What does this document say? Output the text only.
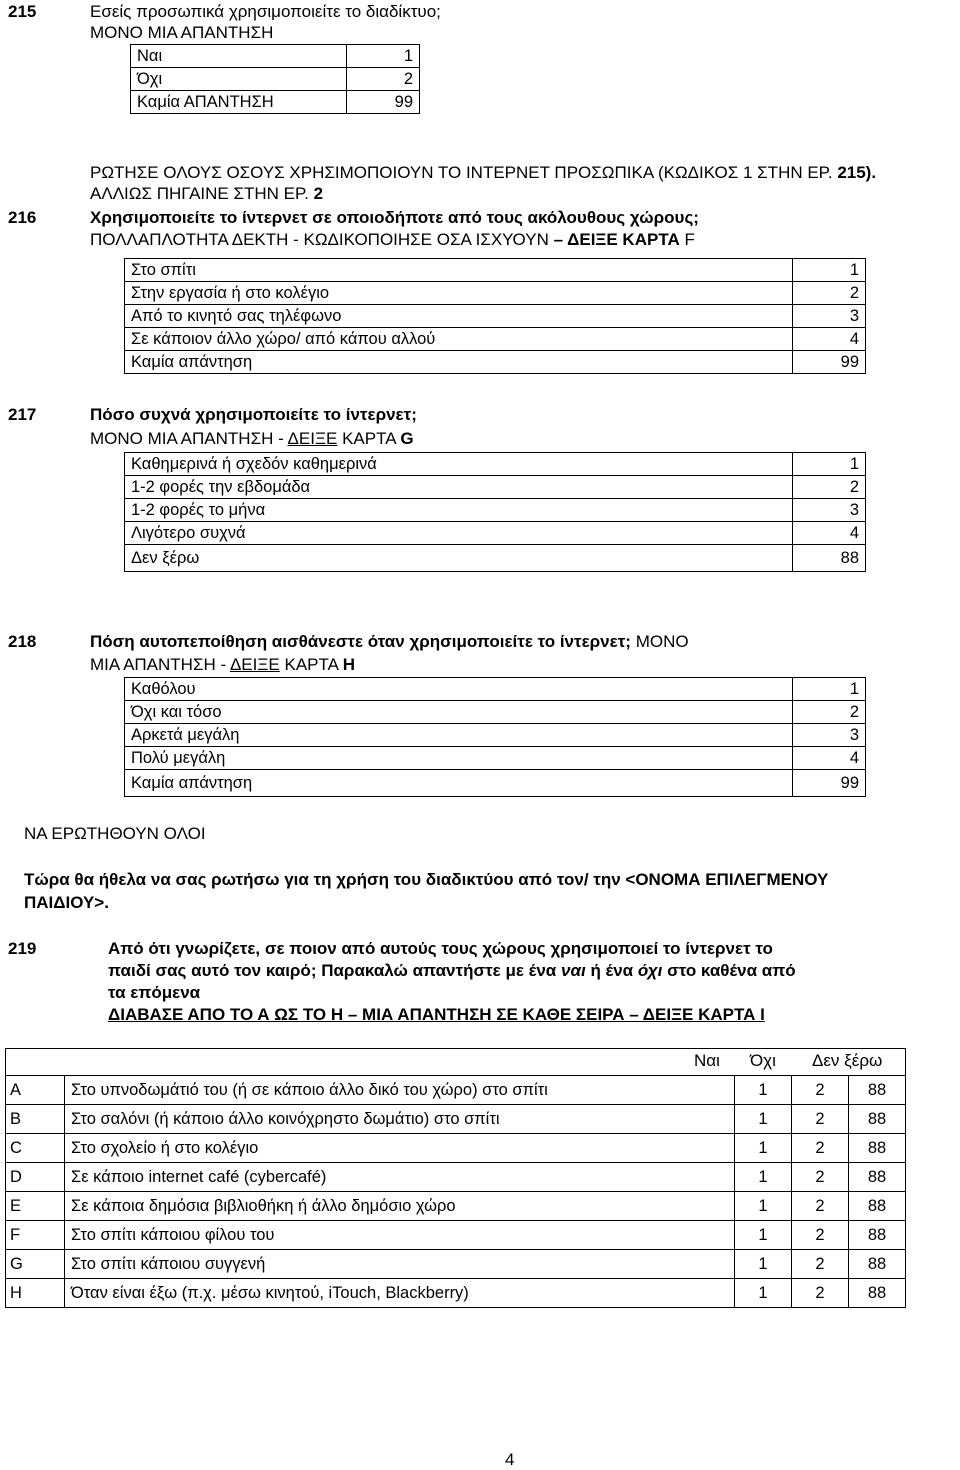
215	Εσείς προσωπικά χρησιμοποιείτε το διαδίκτυο;
ΜΟΝΟ ΜΙΑ ΑΠΑΝΤΗΣΗ
Ναι	1
Όχι	2
Καμία ΑΠΑΝΤΗΣΗ	99
ΡΩΤΗΣΕ ΟΛΟΥΣ ΟΣΟΥΣ ΧΡΗΣΙΜΟΠΟΙΟΥΝ ΤΟ ΙΝΤΕΡΝΕΤ ΠΡΟΣΩΠΙΚΑ (ΚΩΔΙΚΟΣ 1 ΣΤΗΝ ΕΡ. 215).
ΑΛΛΙΩΣ ΠΗΓΑΙΝΕ ΣΤΗΝ ΕΡ. 2
216	Χρησιμοποιείτε το ίντερνετ σε οποιοδήποτε από τους ακόλουθους χώρους;
ΠΟΛΛΑΠΛΟΤΗΤΑ ΔΕΚΤΗ - ΚΩΔΙΚΟΠΟΙΗΣΕ ΟΣΑ ΙΣΧΥΟΥΝ – ΔΕΙΞΕ ΚΑΡΤΑ F
Στο σπίτι	1
Στην εργασία ή στο κολέγιο	2
Από το κινητό σας τηλέφωνο	3
Σε κάποιον άλλο χώρο/ από κάπου αλλού	4
Καμία απάντηση	99
217	Πόσο συχνά χρησιμοποιείτε το ίντερνετ;
ΜΟΝΟ ΜΙΑ ΑΠΑΝΤΗΣΗ - ΔΕΙΞΕ ΚΑΡΤΑ G
Καθημερινά ή σχεδόν καθημερινά	1
1-2 φορές την εβδομάδα	2
1-2 φορές το μήνα	3
Λιγότερο συχνά	4
Δεν ξέρω	88
218	Πόση αυτοπεποίθηση αισθάνεστε όταν χρησιμοποιείτε το ίντερνετ; ΜΟΝΟ
ΜΙΑ ΑΠΑΝΤΗΣΗ - ΔΕΙΞΕ ΚΑΡΤΑ H
Καθόλου	1
Όχι και τόσο	2
Αρκετά μεγάλη	3
Πολύ μεγάλη	4
Καμία απάντηση	99
ΝΑ ΕΡΩΤΗΘΟΥΝ ΟΛΟΙ
Τώρα θα ήθελα να σας ρωτήσω για τη χρήση του διαδικτύου από τον/ την <ΟΝΟΜΑ ΕΠΙΛΕΓΜΕΝΟΥ
ΠΑΙΔΙΟΥ>.
219	Από ότι γνωρίζετε, σε ποιον από αυτούς τους χώρους χρησιμοποιεί το ίντερνετ το
παιδί σας αυτό τον καιρό; Παρακαλώ απαντήστε με ένα ναι ή ένα όχι στο καθένα από
τα επόμενα
ΔΙΑΒΑΣΕ ΑΠΟ ΤΟ Α ΩΣ ΤΟ Η – ΜΙΑ ΑΠΑΝΤΗΣΗ ΣΕ ΚΑΘΕ ΣΕΙΡΑ – ΔΕΙΞΕ ΚΑΡΤΑ Ι
Ναι Όχι Δεν ξέρω

A	Στο υπνοδωμάτιό του (ή σε κάποιο άλλο δικό του χώρο) στο σπίτι	1	2	88
B	Στο σαλόνι (ή κάποιο άλλο κοινόχρηστο δωμάτιο) στο σπίτι	1	2	88
C	Στο σχολείο ή στο κολέγιο	1	2	88
D	Σε κάποιο internet café (cybercafé)	1	2	88
E	Σε κάποια δημόσια βιβλιοθήκη ή άλλο δημόσιο χώρο	1	2	88
F	Στο σπίτι κάποιου φίλου του	1	2	88
G	Στο σπίτι κάποιου συγγενή	1	2	88
H	Όταν είναι έξω (π.χ. μέσω κινητού, iTouch, Blackberry)	1	2	88
4
